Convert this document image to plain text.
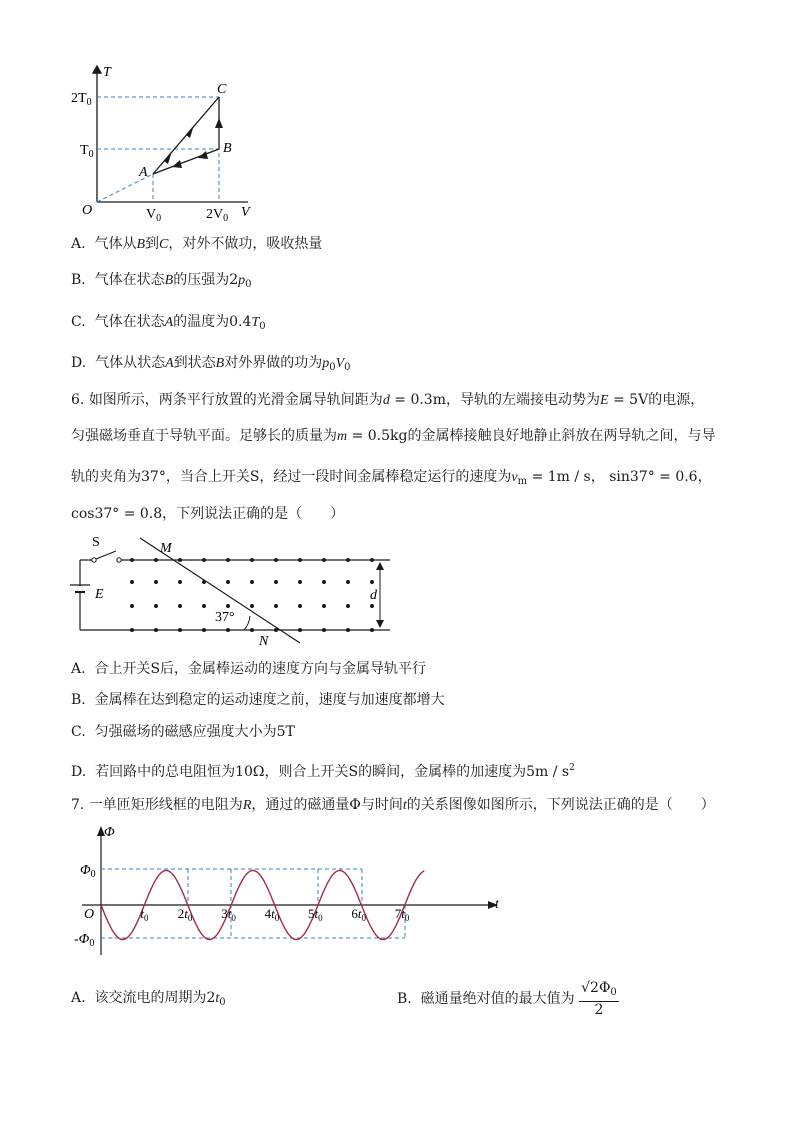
T
V
O
$2T_0$
$T_0$
$V_0$	$2V_0$
A
B
C
A. 气体从B到C，对外不做功，吸收热量
B. 气体在状态B的压强为$2p_0$
C. 气体在状态A的温度为$0.4T_0$
D. 气体从状态A到状态B对外界做的功为$p_0V_0$
6. 如图所示，两条平行放置的光滑金属导轨间距为d = 0.3m，导轨的左端接电动势为E = 5V的电源，
匀强磁场垂直于导轨平面。足够长的质量为m = 0.5kg的金属棒接触良好地静止斜放在两导轨之间，与导
轨的夹角为37°，当合上开关S，经过一段时间金属棒稳定运行的速度为$v_m = 1m / s$， sin37° = 0.6，
cos37° = 0.8，下列说法正确的是（　　）
S
E
M
N
37°
d
A. 合上开关S后，金属棒运动的速度方向与金属导轨平行
B. 金属棒在达到稳定的运动速度之前，速度与加速度都增大
C. 匀强磁场的磁感应强度大小为5T
D. 若回路中的总电阻恒为10Ω，则合上开关S的瞬间，金属棒的加速度为$5m / s^2$
7. 一单匝矩形线框的电阻为R，通过的磁通量Φ与时间t的关系图像如图所示，下列说法正确的是（　　）
Φ
t
O
$\Phi_0$
$-\Phi_0$
$t_0$ $2t_0$ $3t_0$ $4t_0$ $5t_0$ $6t_0$ $7t_0$
A. 该交流电的周期为$2t_0$	B. 磁通量绝对值的最大值为 $\frac{√2\Phi_0}{2}$
